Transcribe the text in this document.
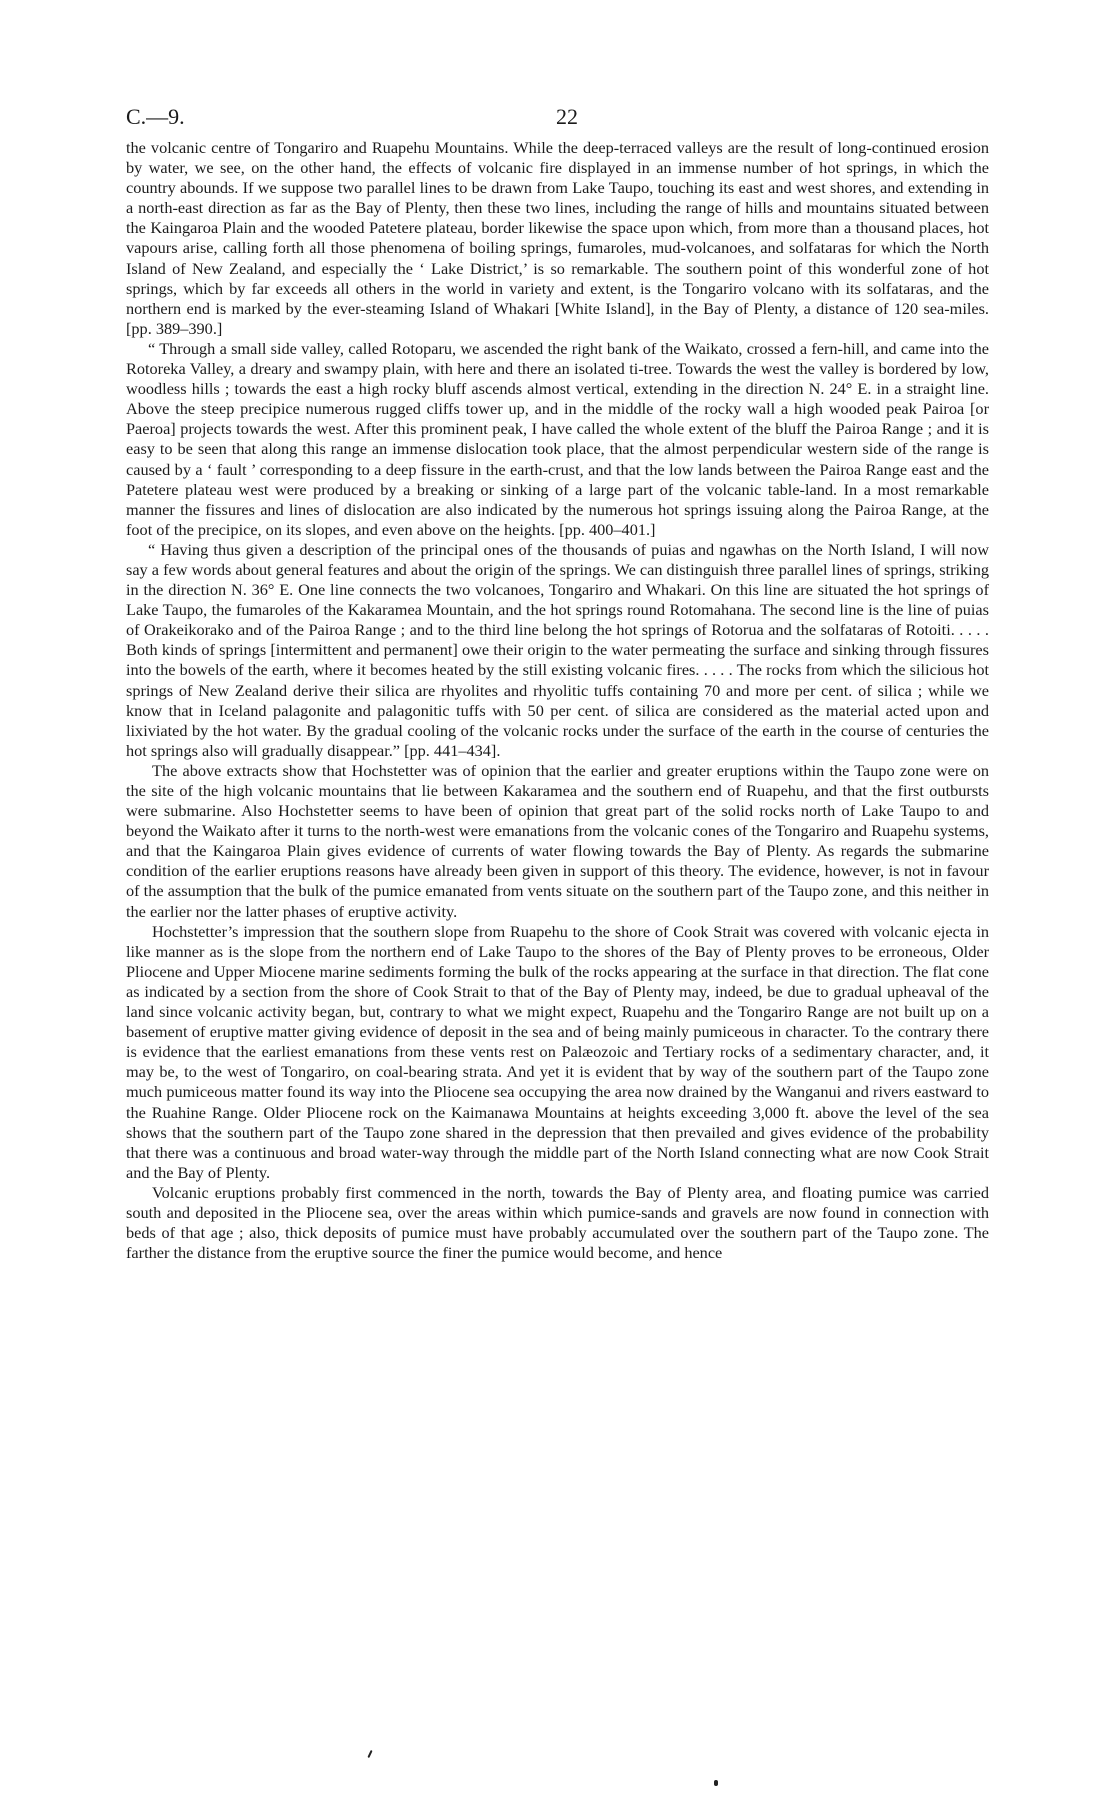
C.—9.	22

the volcanic centre of Tongariro and Ruapehu Mountains. While the deep-terraced valleys are the result of long-continued erosion by water, we see, on the other hand, the effects of volcanic fire displayed in an immense number of hot springs, in which the country abounds. If we suppose two parallel lines to be drawn from Lake Taupo, touching its east and west shores, and extending in a north-east direction as far as the Bay of Plenty, then these two lines, including the range of hills and mountains situated between the Kaingaroa Plain and the wooded Patetere plateau, border likewise the space upon which, from more than a thousand places, hot vapours arise, calling forth all those phenomena of boiling springs, fumaroles, mud-volcanoes, and solfataras for which the North Island of New Zealand, and especially the ‘ Lake District,’ is so remarkable. The southern point of this wonderful zone of hot springs, which by far exceeds all others in the world in variety and extent, is the Tongariro volcano with its solfataras, and the northern end is marked by the ever-steaming Island of Whakari [White Island], in the Bay of Plenty, a distance of 120 sea-miles. [pp. 389–390.]

“ Through a small side valley, called Rotoparu, we ascended the right bank of the Waikato, crossed a fern-hill, and came into the Rotoreka Valley, a dreary and swampy plain, with here and there an isolated ti-tree. Towards the west the valley is bordered by low, woodless hills ; towards the east a high rocky bluff ascends almost vertical, extending in the direction N. 24° E. in a straight line. Above the steep precipice numerous rugged cliffs tower up, and in the middle of the rocky wall a high wooded peak Pairoa [or Paeroa] projects towards the west. After this prominent peak, I have called the whole extent of the bluff the Pairoa Range ; and it is easy to be seen that along this range an immense dislocation took place, that the almost perpendicular western side of the range is caused by a ‘ fault ’ corresponding to a deep fissure in the earth-crust, and that the low lands between the Pairoa Range east and the Patetere plateau west were produced by a breaking or sinking of a large part of the volcanic table-land. In a most remarkable manner the fissures and lines of dislocation are also indicated by the numerous hot springs issuing along the Pairoa Range, at the foot of the precipice, on its slopes, and even above on the heights. [pp. 400–401.]

“ Having thus given a description of the principal ones of the thousands of puias and ngawhas on the North Island, I will now say a few words about general features and about the origin of the springs. We can distinguish three parallel lines of springs, striking in the direction N. 36° E. One line connects the two volcanoes, Tongariro and Whakari. On this line are situated the hot springs of Lake Taupo, the fumaroles of the Kakaramea Mountain, and the hot springs round Rotomahana. The second line is the line of puias of Orakeikorako and of the Pairoa Range ; and to the third line belong the hot springs of Rotorua and the solfataras of Rotoiti. . . . . Both kinds of springs [intermittent and permanent] owe their origin to the water permeating the surface and sinking through fissures into the bowels of the earth, where it becomes heated by the still existing volcanic fires. . . . . The rocks from which the silicious hot springs of New Zealand derive their silica are rhyolites and rhyolitic tuffs containing 70 and more per cent. of silica ; while we know that in Iceland palagonite and palagonitic tuffs with 50 per cent. of silica are considered as the material acted upon and lixiviated by the hot water. By the gradual cooling of the volcanic rocks under the surface of the earth in the course of centuries the hot springs also will gradually disappear.” [pp. 441–434].

The above extracts show that Hochstetter was of opinion that the earlier and greater eruptions within the Taupo zone were on the site of the high volcanic mountains that lie between Kakaramea and the southern end of Ruapehu, and that the first outbursts were submarine. Also Hochstetter seems to have been of opinion that great part of the solid rocks north of Lake Taupo to and beyond the Waikato after it turns to the north-west were emanations from the volcanic cones of the Tongariro and Ruapehu systems, and that the Kaingaroa Plain gives evidence of currents of water flowing towards the Bay of Plenty. As regards the submarine condition of the earlier eruptions reasons have already been given in support of this theory. The evidence, however, is not in favour of the assumption that the bulk of the pumice emanated from vents situate on the southern part of the Taupo zone, and this neither in the earlier nor the latter phases of eruptive activity.

Hochstetter’s impression that the southern slope from Ruapehu to the shore of Cook Strait was covered with volcanic ejecta in like manner as is the slope from the northern end of Lake Taupo to the shores of the Bay of Plenty proves to be erroneous, Older Pliocene and Upper Miocene marine sediments forming the bulk of the rocks appearing at the surface in that direction. The flat cone as indicated by a section from the shore of Cook Strait to that of the Bay of Plenty may, indeed, be due to gradual upheaval of the land since volcanic activity began, but, contrary to what we might expect, Ruapehu and the Tongariro Range are not built up on a basement of eruptive matter giving evidence of deposit in the sea and of being mainly pumiceous in character. To the contrary there is evidence that the earliest emanations from these vents rest on Palæozoic and Tertiary rocks of a sedimentary character, and, it may be, to the west of Tongariro, on coal-bearing strata. And yet it is evident that by way of the southern part of the Taupo zone much pumiceous matter found its way into the Pliocene sea occupying the area now drained by the Wanganui and rivers eastward to the Ruahine Range. Older Pliocene rock on the Kaimanawa Mountains at heights exceeding 3,000 ft. above the level of the sea shows that the southern part of the Taupo zone shared in the depression that then prevailed and gives evidence of the probability that there was a continuous and broad water-way through the middle part of the North Island connecting what are now Cook Strait and the Bay of Plenty.

Volcanic eruptions probably first commenced in the north, towards the Bay of Plenty area, and floating pumice was carried south and deposited in the Pliocene sea, over the areas within which pumice-sands and gravels are now found in connection with beds of that age ; also, thick deposits of pumice must have probably accumulated over the southern part of the Taupo zone. The farther the distance from the eruptive source the finer the pumice would become, and hence
